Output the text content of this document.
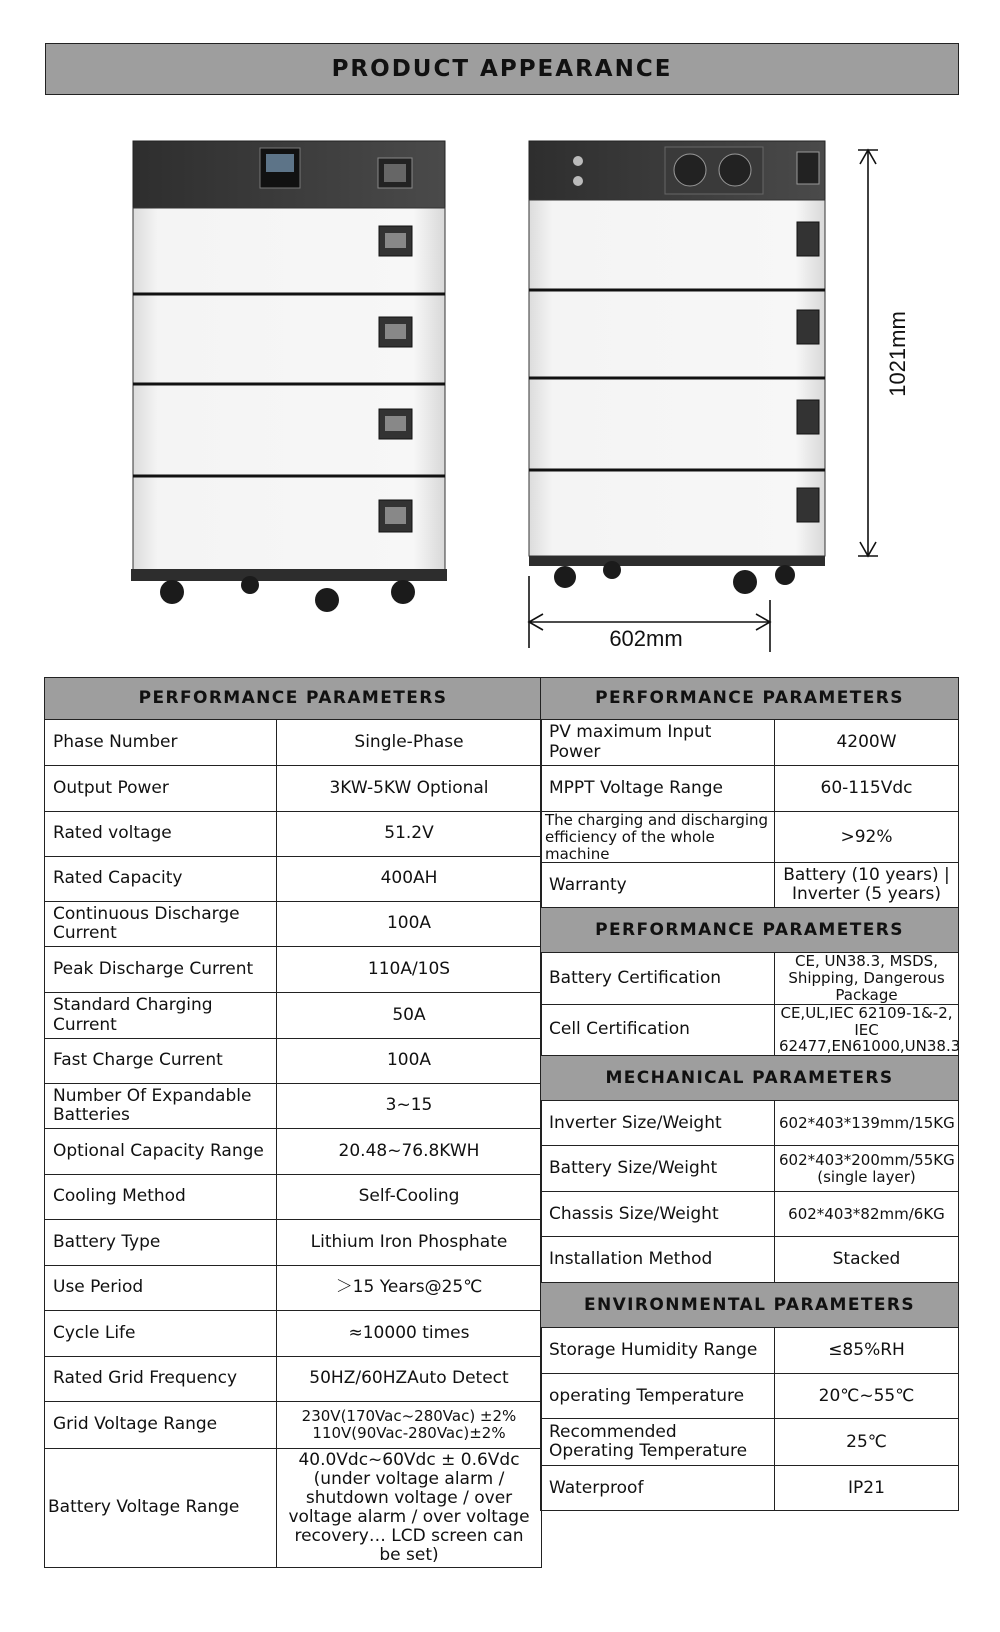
PRODUCT APPEARANCE
1021mm
602mm
PERFORMANCE PARAMETERS	
Phase Number	Single-Phase
Output Power	3KW-5KW Optional
Rated voltage	51.2V
Rated Capacity	400AH
Continuous Discharge Current	100A
Peak Discharge Current	110A/10S
Standard Charging Current	50A
Fast Charge Current	100A
Number Of Expandable Batteries	3~15
Optional Capacity Range	20.48~76.8KWH
Cooling Method	Self-Cooling
Battery Type	Lithium Iron Phosphate
Use Period	＞15 Years@25℃
Cycle Life	≈10000 times
Rated Grid Frequency	50HZ/60HZAuto Detect
Grid Voltage Range	230V(170Vac~280Vac) ±2% 110V(90Vac-280Vac)±2%
Battery Voltage Range	40.0Vdc~60Vdc ± 0.6Vdc (under voltage alarm / shutdown voltage / over voltage alarm / over voltage recovery… LCD screen can be set)
PERFORMANCE PARAMETERS	
PV maximum Input Power	4200W
MPPT Voltage Range	60-115Vdc
The charging and discharging efficiency of the whole machine	>92%
Warranty	Battery (10 years) | Inverter (5 years)
PERFORMANCE PARAMETERS	
Battery Certification	CE, UN38.3, MSDS, Shipping, Dangerous Package
Cell Certification	CE,UL,IEC 62109-1&-2, IEC 62477,EN61000,UN38.3
MECHANICAL PARAMETERS	
Inverter Size/Weight	602*403*139mm/15KG
Battery Size/Weight	602*403*200mm/55KG (single layer)
Chassis Size/Weight	602*403*82mm/6KG
Installation Method	Stacked
ENVIRONMENTAL PARAMETERS	
Storage Humidity Range	≤85%RH
operating Temperature	20℃~55℃
Recommended Operating Temperature	25℃
Waterproof	IP21
